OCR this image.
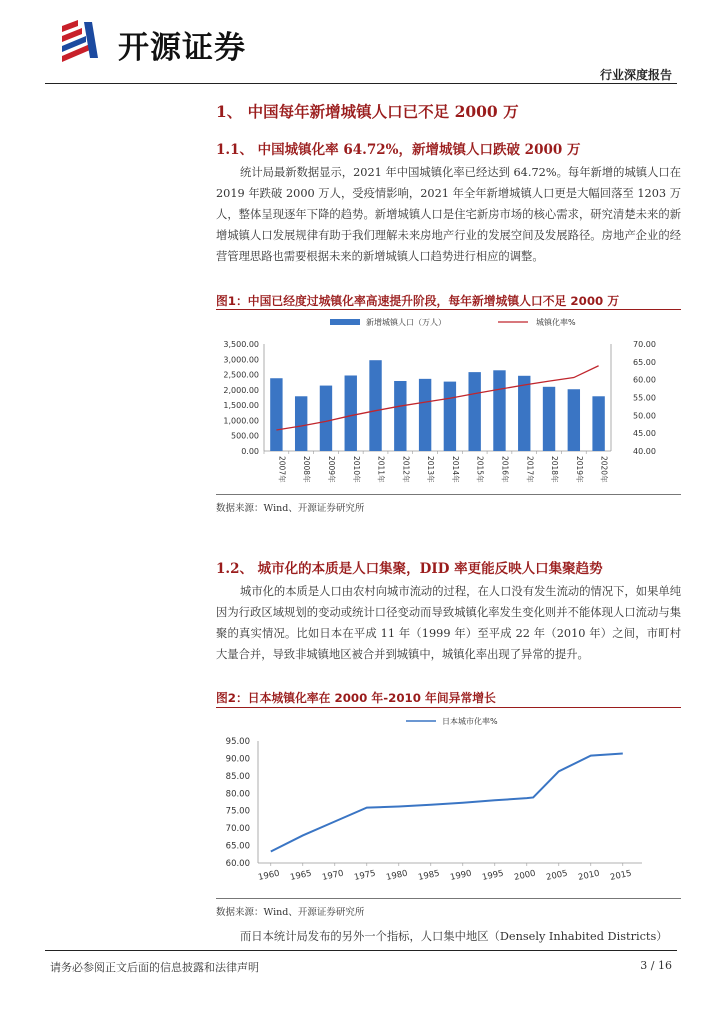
开源证券
行业深度报告
1、 中国每年新增城镇人口已不足 2000 万
1.1、 中国城镇化率 64.72%，新增城镇人口跌破 2000 万
统计局最新数据显示，2021 年中国城镇化率已经达到 64.72%。每年新增的城镇人口在 2019 年跌破 2000 万人，受疫情影响，2021 年全年新增城镇人口更是大幅回落至 1203 万人，整体呈现逐年下降的趋势。新增城镇人口是住宅新房市场的核心需求，研究清楚未来的新增城镇人口发展规律有助于我们理解未来房地产行业的发展空间及发展路径。房地产企业的经营管理思路也需要根据未来的新增城镇人口趋势进行相应的调整。
图1：中国已经度过城镇化率高速提升阶段，每年新增城镇人口不足 2000 万
新增城镇人口（万人）	城镇化率%
3,500.00
3,000.00
2,500.00
2,000.00
1,500.00
1,000.00
500.00
0.00
70.00
65.00
60.00
55.00
50.00
45.00
40.00
2007年 2008年 2009年 2010年 2011年 2012年 2013年 2014年 2015年 2016年 2017年 2018年 2019年 2020年
数据来源：Wind、开源证券研究所
1.2、 城市化的本质是人口集聚，DID 率更能反映人口集聚趋势
城市化的本质是人口由农村向城市流动的过程，在人口没有发生流动的情况下，如果单纯因为行政区域规划的变动或统计口径变动而导致城镇化率发生变化则并不能体现人口流动与集聚的真实情况。比如日本在平成 11 年（1999 年）至平成 22 年（2010 年）之间，市町村大量合并，导致非城镇地区被合并到城镇中，城镇化率出现了异常的提升。
图2：日本城镇化率在 2000 年-2010 年间异常增长
日本城市化率%
95.00
90.00
85.00
80.00
75.00
70.00
65.00
60.00
1960 1965 1970 1975 1980 1985 1990 1995 2000 2005 2010 2015
数据来源：Wind、开源证券研究所
而日本统计局发布的另外一个指标，人口集中地区（Densely Inhabited Districts）
请务必参阅正文后面的信息披露和法律声明	3 / 16
